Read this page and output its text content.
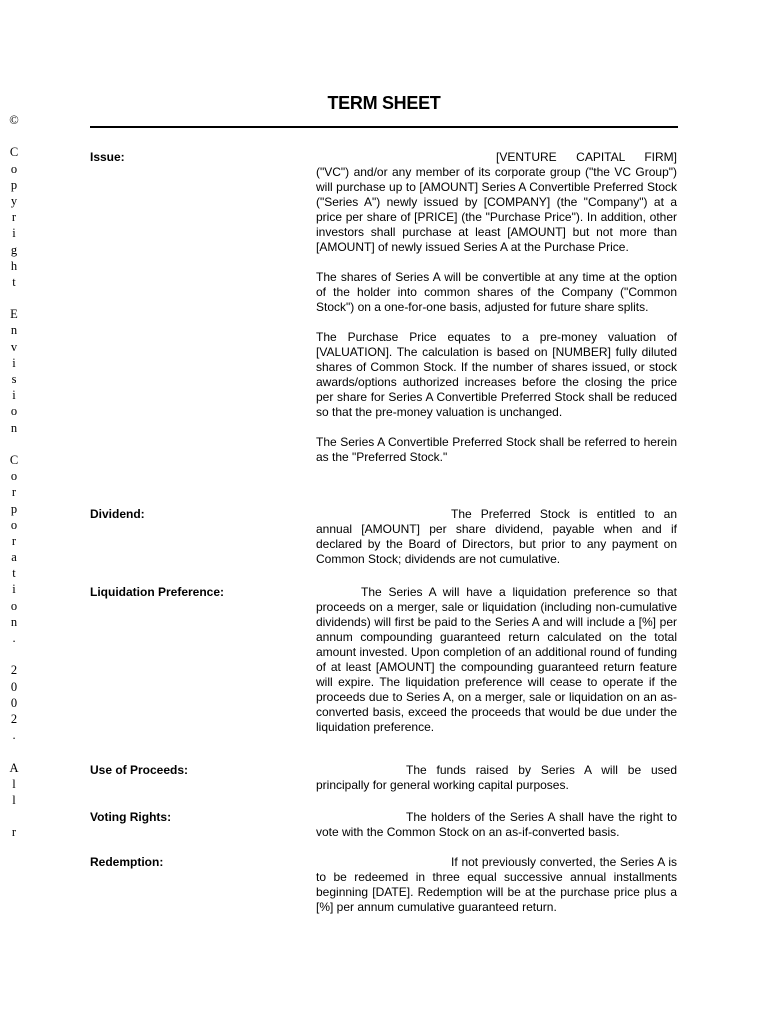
©
C
o
p
y
r
i
g
h
t
E
n
v
i
s
i
o
n
C
o
r
p
o
r
a
t
i
o
n
.
2
0
0
2
.
A
l
l
r
TERM SHEET
Issue:	[VENTURE CAPITAL FIRM] ("VC") and/or any member of its corporate group ("the VC Group") will purchase up to [AMOUNT] Series A Convertible Preferred Stock ("Series A") newly issued by [COMPANY] (the "Company") at a price per share of [PRICE] (the "Purchase Price"). In addition, other investors shall purchase at least [AMOUNT] but not more than [AMOUNT] of newly issued Series A at the Purchase Price.

The shares of Series A will be convertible at any time at the option of the holder into common shares of the Company ("Common Stock") on a one-for-one basis, adjusted for future share splits.

The Purchase Price equates to a pre-money valuation of [VALUATION]. The calculation is based on [NUMBER] fully diluted shares of Common Stock. If the number of shares issued, or stock awards/options authorized increases before the closing the price per share for Series A Convertible Preferred Stock shall be reduced so that the pre-money valuation is unchanged.

The Series A Convertible Preferred Stock shall be referred to herein as the "Preferred Stock."

Dividend:	The Preferred Stock is entitled to an annual [AMOUNT] per share dividend, payable when and if declared by the Board of Directors, but prior to any payment on Common Stock; dividends are not cumulative.

Liquidation Preference:	The Series A will have a liquidation preference so that proceeds on a merger, sale or liquidation (including non-cumulative dividends) will first be paid to the Series A and will include a [%] per annum compounding guaranteed return calculated on the total amount invested. Upon completion of an additional round of funding of at least [AMOUNT] the compounding guaranteed return feature will expire. The liquidation preference will cease to operate if the proceeds due to Series A, on a merger, sale or liquidation on an as-converted basis, exceed the proceeds that would be due under the liquidation preference.

Use of Proceeds:	The funds raised by Series A will be used principally for general working capital purposes.

Voting Rights:	The holders of the Series A shall have the right to vote with the Common Stock on an as-if-converted basis.

Redemption:	If not previously converted, the Series A is to be redeemed in three equal successive annual installments beginning [DATE]. Redemption will be at the purchase price plus a [%] per annum cumulative guaranteed return.
